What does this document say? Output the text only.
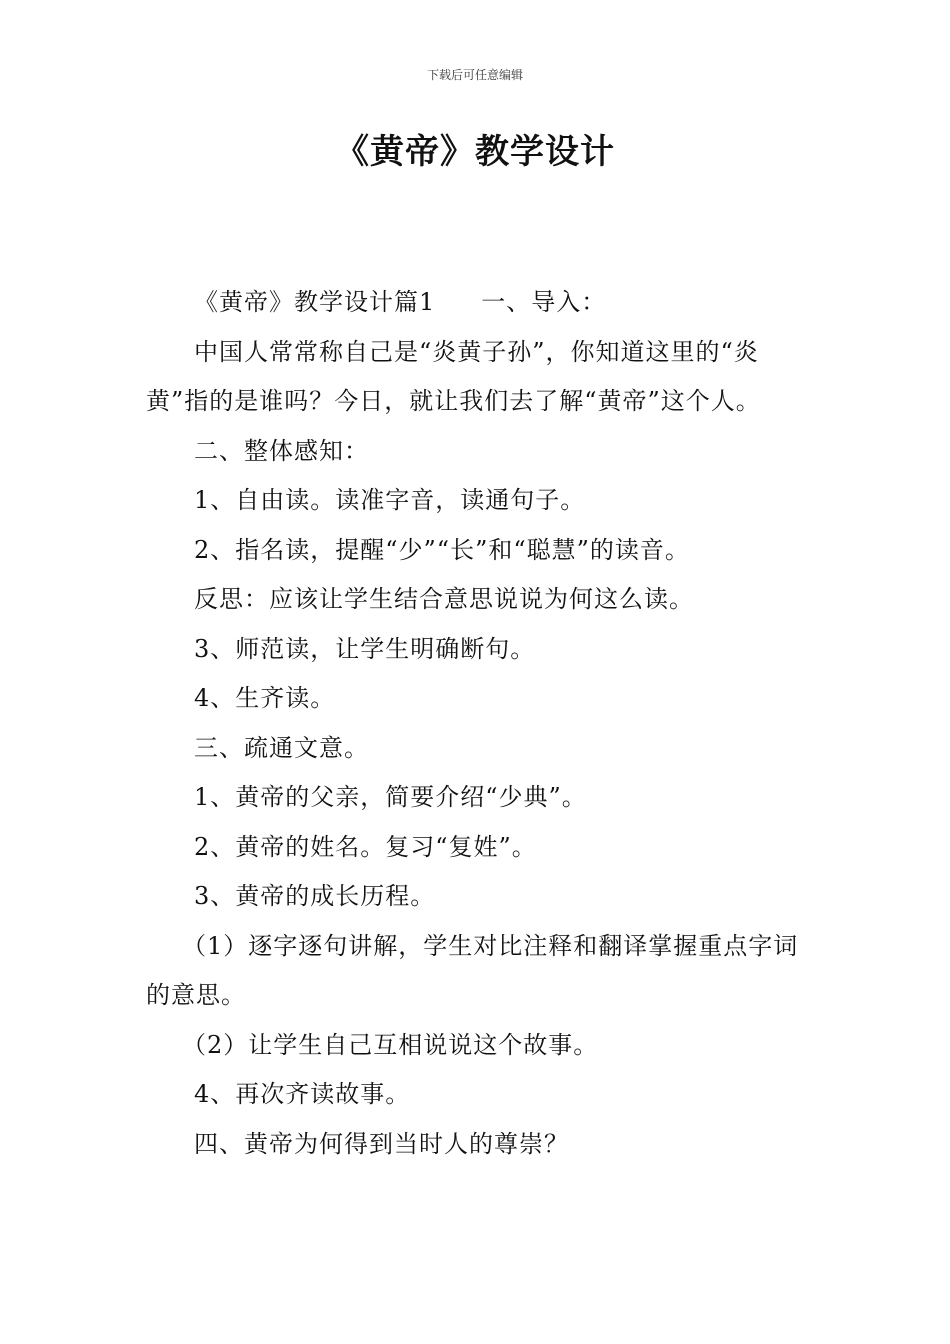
下载后可任意编辑
《黄帝》教学设计

《黄帝》教学设计篇1 一、导入：

中国人常常称自己是“炎黄子孙”，你知道这里的“炎黄”指的是谁吗？今日，就让我们去了解“黄帝”这个人。

二、整体感知：

1、自由读。读准字音，读通句子。

2、指名读，提醒“少”“长”和“聪慧”的读音。

反思：应该让学生结合意思说说为何这么读。

3、师范读，让学生明确断句。

4、生齐读。

三、疏通文意。

1、黄帝的父亲，简要介绍“少典”。

2、黄帝的姓名。复习“复姓”。

3、黄帝的成长历程。

（1）逐字逐句讲解，学生对比注释和翻译掌握重点字词的意思。

（2）让学生自己互相说说这个故事。

4、再次齐读故事。

四、黄帝为何得到当时人的尊崇？
